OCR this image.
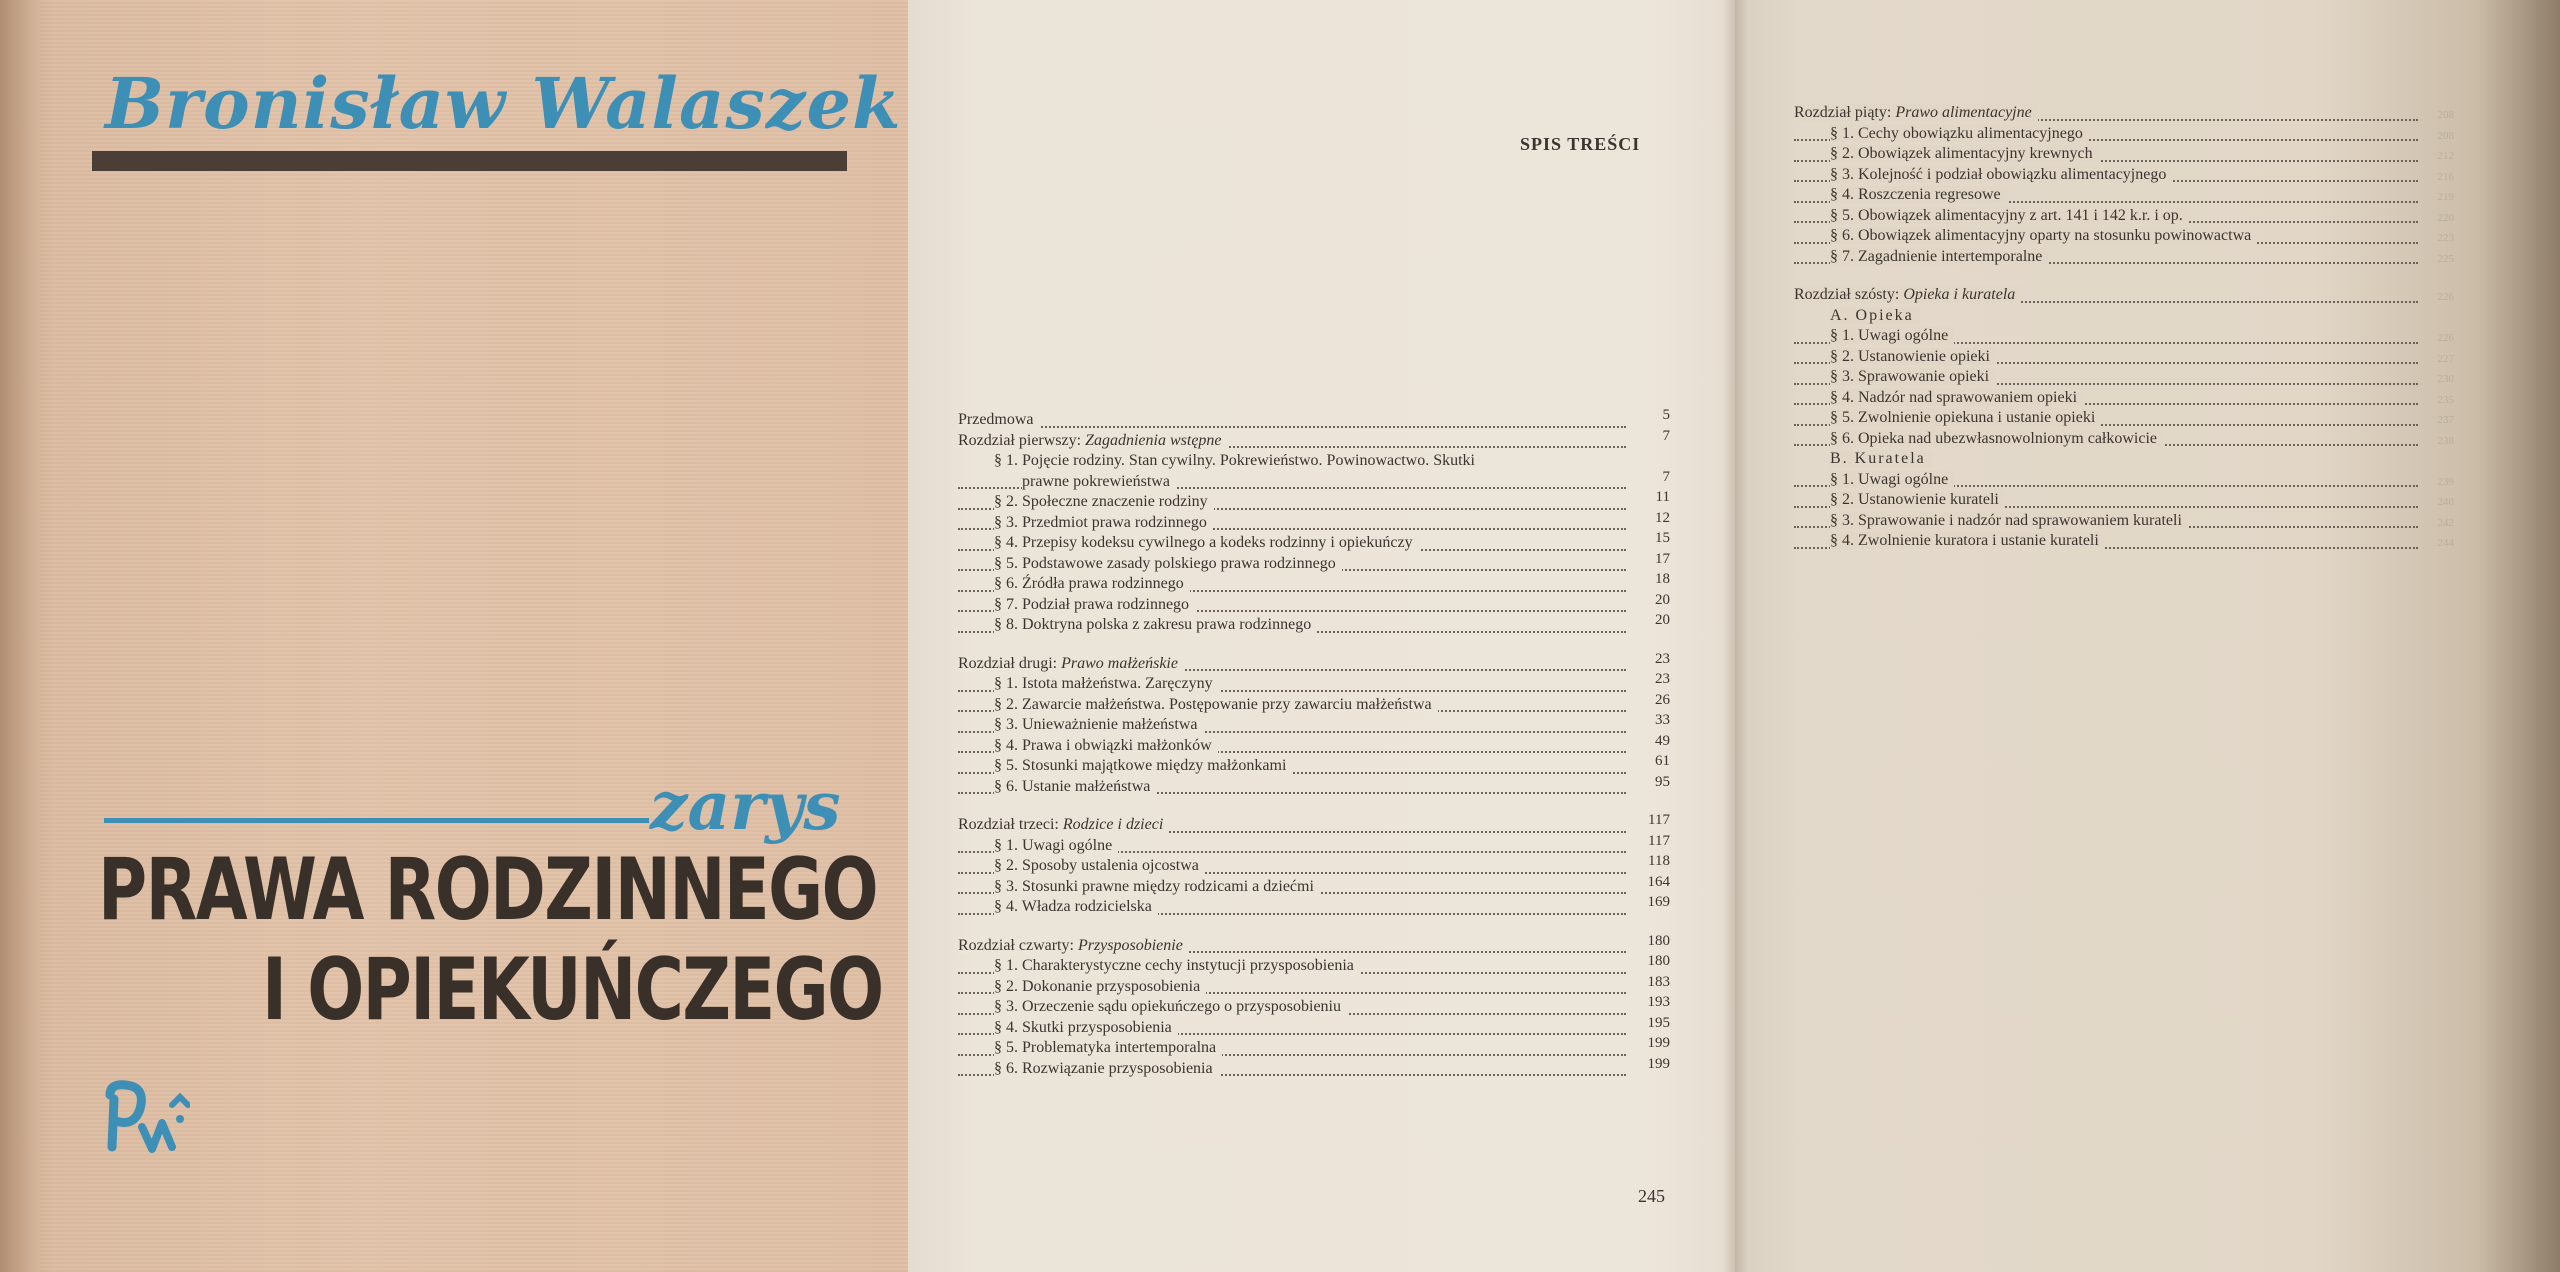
Bronisław Walaszek
zarys
PRAWA RODZINNEGO
I OPIEKUŃCZEGO
SPIS TREŚCI
Przedmowa	5
Rozdział pierwszy: Zagadnienia wstępne	7
§ 1. Pojęcie rodziny. Stan cywilny. Pokrewieństwo. Powinowactwo. Skutki
prawne pokrewieństwa	7
§ 2. Społeczne znaczenie rodziny	11
§ 3. Przedmiot prawa rodzinnego	12
§ 4. Przepisy kodeksu cywilnego a kodeks rodzinny i opiekuńczy	15
§ 5. Podstawowe zasady polskiego prawa rodzinnego	17
§ 6. Źródła prawa rodzinnego	18
§ 7. Podział prawa rodzinnego	20
§ 8. Doktryna polska z zakresu prawa rodzinnego	20
Rozdział drugi: Prawo małżeńskie	23
§ 1. Istota małżeństwa. Zaręczyny	23
§ 2. Zawarcie małżeństwa. Postępowanie przy zawarciu małżeństwa	26
§ 3. Unieważnienie małżeństwa	33
§ 4. Prawa i obwiązki małżonków	49
§ 5. Stosunki majątkowe między małżonkami	61
§ 6. Ustanie małżeństwa	95
Rozdział trzeci: Rodzice i dzieci	117
§ 1. Uwagi ogólne	117
§ 2. Sposoby ustalenia ojcostwa	118
§ 3. Stosunki prawne między rodzicami a dziećmi	164
§ 4. Władza rodzicielska	169
Rozdział czwarty: Przysposobienie	180
§ 1. Charakterystyczne cechy instytucji przysposobienia	180
§ 2. Dokonanie przysposobienia	183
§ 3. Orzeczenie sądu opiekuńczego o przysposobieniu	193
§ 4. Skutki przysposobienia	195
§ 5. Problematyka intertemporalna	199
§ 6. Rozwiązanie przysposobienia	199
Rozdział piąty: Prawo alimentacyjne	208
§ 1. Cechy obowiązku alimentacyjnego	208
§ 2. Obowiązek alimentacyjny krewnych	212
§ 3. Kolejność i podział obowiązku alimentacyjnego	216
§ 4. Roszczenia regresowe	219
§ 5. Obowiązek alimentacyjny z art. 141 i 142 k.r. i op.	220
§ 6. Obowiązek alimentacyjny oparty na stosunku powinowactwa	223
§ 7. Zagadnienie intertemporalne	225
Rozdział szósty: Opieka i kuratela	226
A. Opieka
§ 1. Uwagi ogólne	226
§ 2. Ustanowienie opieki	227
§ 3. Sprawowanie opieki	230
§ 4. Nadzór nad sprawowaniem opieki	235
§ 5. Zwolnienie opiekuna i ustanie opieki	237
§ 6. Opieka nad ubezwłasnowolnionym całkowicie	238
B. Kuratela
§ 1. Uwagi ogólne	239
§ 2. Ustanowienie kurateli	240
§ 3. Sprawowanie i nadzór nad sprawowaniem kurateli	242
§ 4. Zwolnienie kuratora i ustanie kurateli	244
245
